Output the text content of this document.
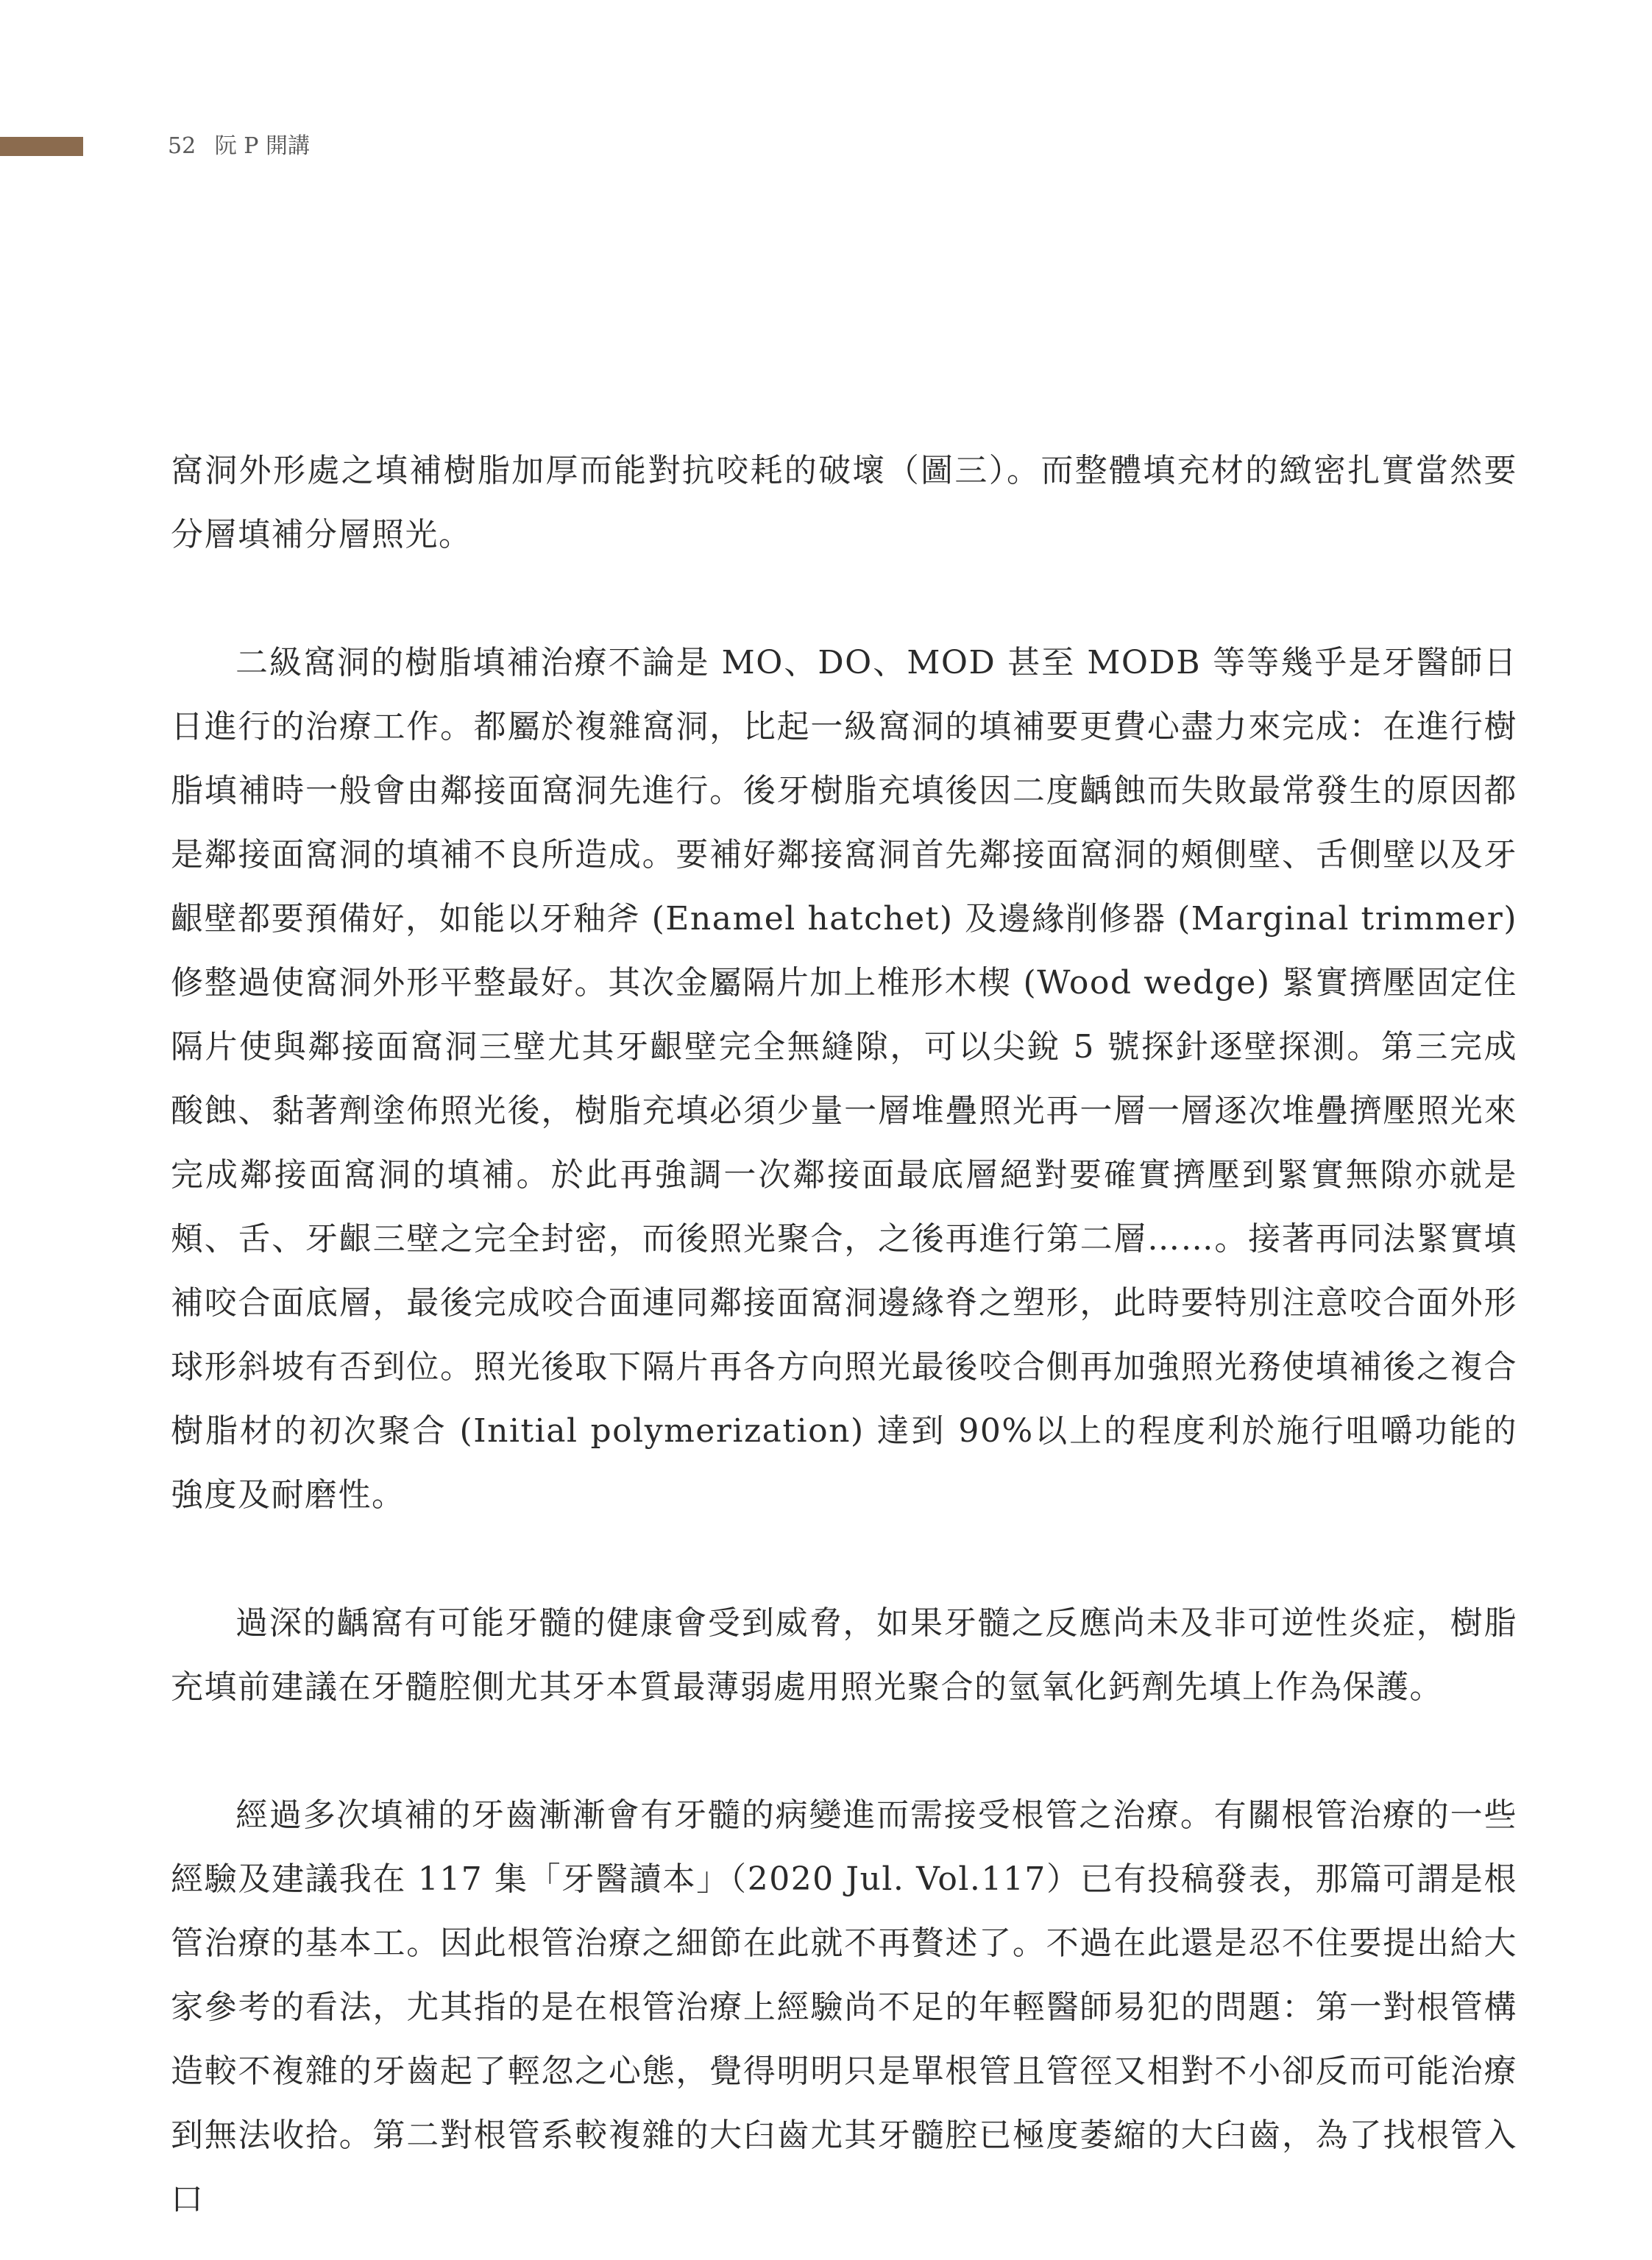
52 阮 P 開講

窩洞外形處之填補樹脂加厚而能對抗咬耗的破壞（圖三）。而整體填充材的緻密扎實當然要分層填補分層照光。

二級窩洞的樹脂填補治療不論是 MO、DO、MOD 甚至 MODB 等等幾乎是牙醫師日日進行的治療工作。都屬於複雜窩洞，比起一級窩洞的填補要更費心盡力來完成：在進行樹脂填補時一般會由鄰接面窩洞先進行。後牙樹脂充填後因二度齲蝕而失敗最常發生的原因都是鄰接面窩洞的填補不良所造成。要補好鄰接窩洞首先鄰接面窩洞的頰側壁、舌側壁以及牙齦壁都要預備好，如能以牙釉斧 (Enamel hatchet) 及邊緣削修器 (Marginal trimmer) 修整過使窩洞外形平整最好。其次金屬隔片加上椎形木楔 (Wood wedge) 緊實擠壓固定住隔片使與鄰接面窩洞三壁尤其牙齦壁完全無縫隙，可以尖銳 5 號探針逐壁探測。第三完成酸蝕、黏著劑塗佈照光後，樹脂充填必須少量一層堆疊照光再一層一層逐次堆疊擠壓照光來完成鄰接面窩洞的填補。於此再強調一次鄰接面最底層絕對要確實擠壓到緊實無隙亦就是頰、舌、牙齦三壁之完全封密，而後照光聚合，之後再進行第二層……。接著再同法緊實填補咬合面底層，最後完成咬合面連同鄰接面窩洞邊緣脊之塑形，此時要特別注意咬合面外形球形斜坡有否到位。照光後取下隔片再各方向照光最後咬合側再加強照光務使填補後之複合樹脂材的初次聚合 (Initial polymerization) 達到 90%以上的程度利於施行咀嚼功能的強度及耐磨性。

過深的齲窩有可能牙髓的健康會受到威脅，如果牙髓之反應尚未及非可逆性炎症，樹脂充填前建議在牙髓腔側尤其牙本質最薄弱處用照光聚合的氫氧化鈣劑先填上作為保護。

經過多次填補的牙齒漸漸會有牙髓的病變進而需接受根管之治療。有關根管治療的一些經驗及建議我在 117 集「牙醫讀本」（2020 Jul. Vol.117）已有投稿發表，那篇可謂是根管治療的基本工。因此根管治療之細節在此就不再贅述了。不過在此還是忍不住要提出給大家參考的看法，尤其指的是在根管治療上經驗尚不足的年輕醫師易犯的問題：第一對根管構造較不複雜的牙齒起了輕忽之心態，覺得明明只是單根管且管徑又相對不小卻反而可能治療到無法收拾。第二對根管系較複雜的大臼齒尤其牙髓腔已極度萎縮的大臼齒，為了找根管入口
